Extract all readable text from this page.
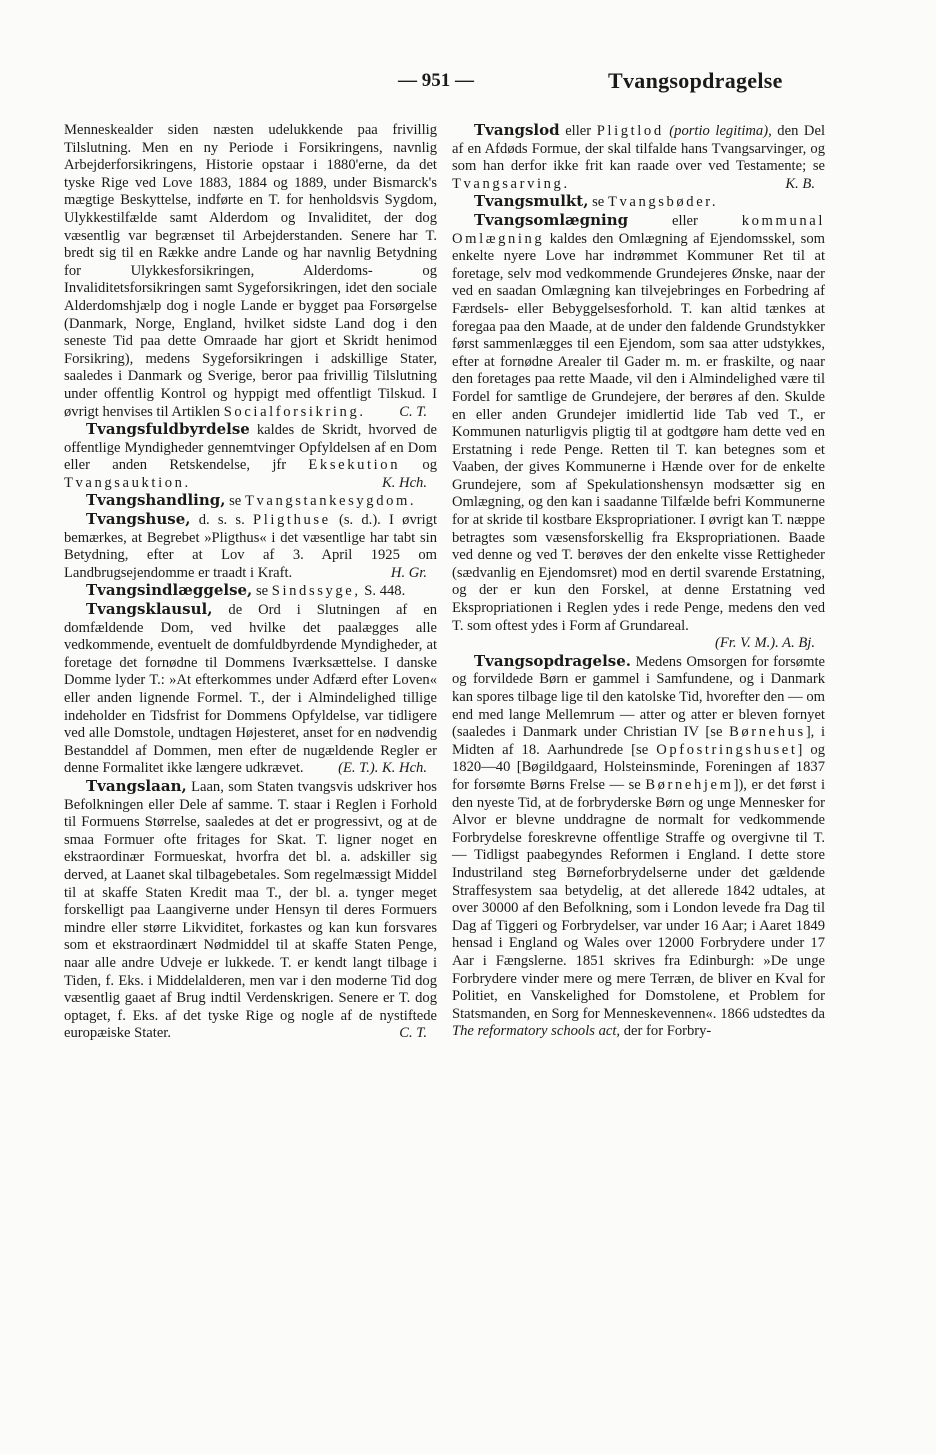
— 951 —	Tvangsopdragelse

Menneskealder siden næsten udelukkende paa frivillig Tilslutning. Men en ny Periode i Forsikringens, navnlig Arbejderforsikringens, Historie opstaar i 1880'erne, da det tyske Rige ved Love 1883, 1884 og 1889, under Bismarck's mægtige Beskyttelse, indførte en T. for henholdsvis Sygdom, Ulykkestilfælde samt Alderdom og Invaliditet, der dog væsentlig var begrænset til Arbejderstanden. Senere har T. bredt sig til en Række andre Lande og har navnlig Betydning for Ulykkesforsikringen, Alderdoms- og Invaliditetsforsikringen samt Sygeforsikringen, idet den sociale Alderdomshjælp dog i nogle Lande er bygget paa Forsørgelse (Danmark, Norge, England, hvilket sidste Land dog i den seneste Tid paa dette Omraade har gjort et Skridt henimod Forsikring), medens Sygeforsikringen i adskillige Stater, saaledes i Danmark og Sverige, beror paa frivillig Tilslutning under offentlig Kontrol og hyppigt med offentligt Tilskud. I øvrigt henvises til Artiklen Socialforsikring. C. T.

Tvangsfuldbyrdelse kaldes de Skridt, hvorved de offentlige Myndigheder gennemtvinger Opfyldelsen af en Dom eller anden Retskendelse, jfr Eksekution og Tvangsauktion.	K. Hch.

Tvangshandling, se Tvangstankesygdom.

Tvangshuse, d. s. s. Pligthuse (s. d.). I øvrigt bemærkes, at Begrebet »Pligthus« i det væsentlige har tabt sin Betydning, efter at Lov af 3. April 1925 om Landbrugsejendomme er traadt i Kraft.	H. Gr.

Tvangsindlæggelse, se Sindssyge, S. 448.

Tvangsklausul, de Ord i Slutningen af en domfældende Dom, ved hvilke det paalægges alle vedkommende, eventuelt de domfuldbyrdende Myndigheder, at foretage det fornødne til Dommens Iværksættelse. I danske Domme lyder T.: »At efterkommes under Adfærd efter Loven« eller anden lignende Formel. T., der i Almindelighed tillige indeholder en Tidsfrist for Dommens Opfyldelse, var tidligere ved alle Domstole, undtagen Højesteret, anset for en nødvendig Bestanddel af Dommen, men efter de nugældende Regler er denne Formalitet ikke længere udkrævet.	(E. T.). K. Hch.

Tvangslaan, Laan, som Staten tvangsvis udskriver hos Befolkningen eller Dele af samme. T. staar i Reglen i Forhold til Formuens Størrelse, saaledes at det er progressivt, og at de smaa Formuer ofte fritages for Skat. T. ligner noget en ekstraordinær Formueskat, hvorfra det bl. a. adskiller sig derved, at Laanet skal tilbagebetales. Som regelmæssigt Middel til at skaffe Staten Kredit maa T., der bl. a. tynger meget forskelligt paa Laangiverne under Hensyn til deres Formuers mindre eller større Likviditet, forkastes og kan kun forsvares som et ekstraordinært Nødmiddel til at skaffe Staten Penge, naar alle andre Udveje er lukkede. T. er kendt langt tilbage i Tiden, f. Eks. i Middelalderen, men var i den moderne Tid dog væsentlig gaaet af Brug indtil Verdenskrigen. Senere er T. dog optaget, f. Eks. af det tyske Rige og nogle af de nystiftede europæiske Stater.	C. T.

Tvangslod eller Pligtlod (portio legitima), den Del af en Afdøds Formue, der skal tilfalde hans Tvangsarvinger, og som han derfor ikke frit kan raade over ved Testamente; se Tvangsarving.	K. B.

Tvangsmulkt, se Tvangsbøder.

Tvangsomlægning	eller	kommunal Omlægning kaldes den Omlægning af Ejendomsskel, som enkelte nyere Love har indrømmet Kommuner Ret til at foretage, selv mod vedkommende Grundejeres Ønske, naar der ved en saadan Omlægning kan tilvejebringes en Forbedring af Færdsels- eller Bebyggelsesforhold. T. kan altid tænkes at foregaa paa den Maade, at de under den faldende Grundstykker først sammenlægges til een Ejendom, som saa atter udstykkes, efter at fornødne Arealer til Gader m. m. er fraskilte, og naar den foretages paa rette Maade, vil den i Almindelighed være til Fordel for samtlige de Grundejere, der berøres af den. Skulde en eller anden Grundejer imidlertid lide Tab ved T., er Kommunen naturligvis pligtig til at godtgøre ham dette ved en Erstatning i rede Penge. Retten til T. kan betegnes som et Vaaben, der gives Kommunerne i Hænde over for de enkelte Grundejere, som af Spekulationshensyn modsætter sig en Omlægning, og den kan i saadanne Tilfælde befri Kommunerne for at skride til kostbare Ekspropriationer. I øvrigt kan T. næppe betragtes som væsensforskellig fra Ekspropriationen. Baade ved denne og ved T. berøves der den enkelte visse Rettigheder (sædvanlig en Ejendomsret) mod en dertil svarende Erstatning, og der er kun den Forskel, at denne Erstatning ved Ekspropriationen i Reglen ydes i rede Penge, medens den ved T. som oftest ydes i Form af Grundareal.
(Fr. V. M.). A. Bj.

Tvangsopdragelse. Medens Omsorgen for forsømte og forvildede Børn er gammel i Samfundene, og i Danmark kan spores tilbage lige til den katolske Tid, hvorefter den — om end med lange Mellemrum — atter og atter er bleven fornyet (saaledes i Danmark under Christian IV [se Børnehus], i Midten af 18. Aarhundrede [se Opfostringshuset] og 1820—40 [Bøgildgaard, Holsteinsminde, Foreningen af 1837 for forsømte Børns Frelse — se Børnehjem]), er det først i den nyeste Tid, at de forbryderske Børn og unge Mennesker for Alvor er blevne unddragne de normalt for vedkommende Forbrydelse foreskrevne offentlige Straffe og overgivne til T. — Tidligst paabegyndes Reformen i England. I dette store Industriland steg Børneforbrydelserne under det gældende Straffesystem saa betydelig, at det allerede 1842 udtales, at over 30000 af den Befolkning, som i London levede fra Dag til Dag af Tiggeri og Forbrydelser, var under 16 Aar; i Aaret 1849 hensad i England og Wales over 12000 Forbrydere under 17 Aar i Fængslerne. 1851 skrives fra Edinburgh: »De unge Forbrydere vinder mere og mere Terræn, de bliver en Kval for Politiet, en Vanskelighed for Domstolene, et Problem for Statsmanden, en Sorg for Menneskevennen«. 1866 udstedtes da The reformatory schools act, der for Forbry-
